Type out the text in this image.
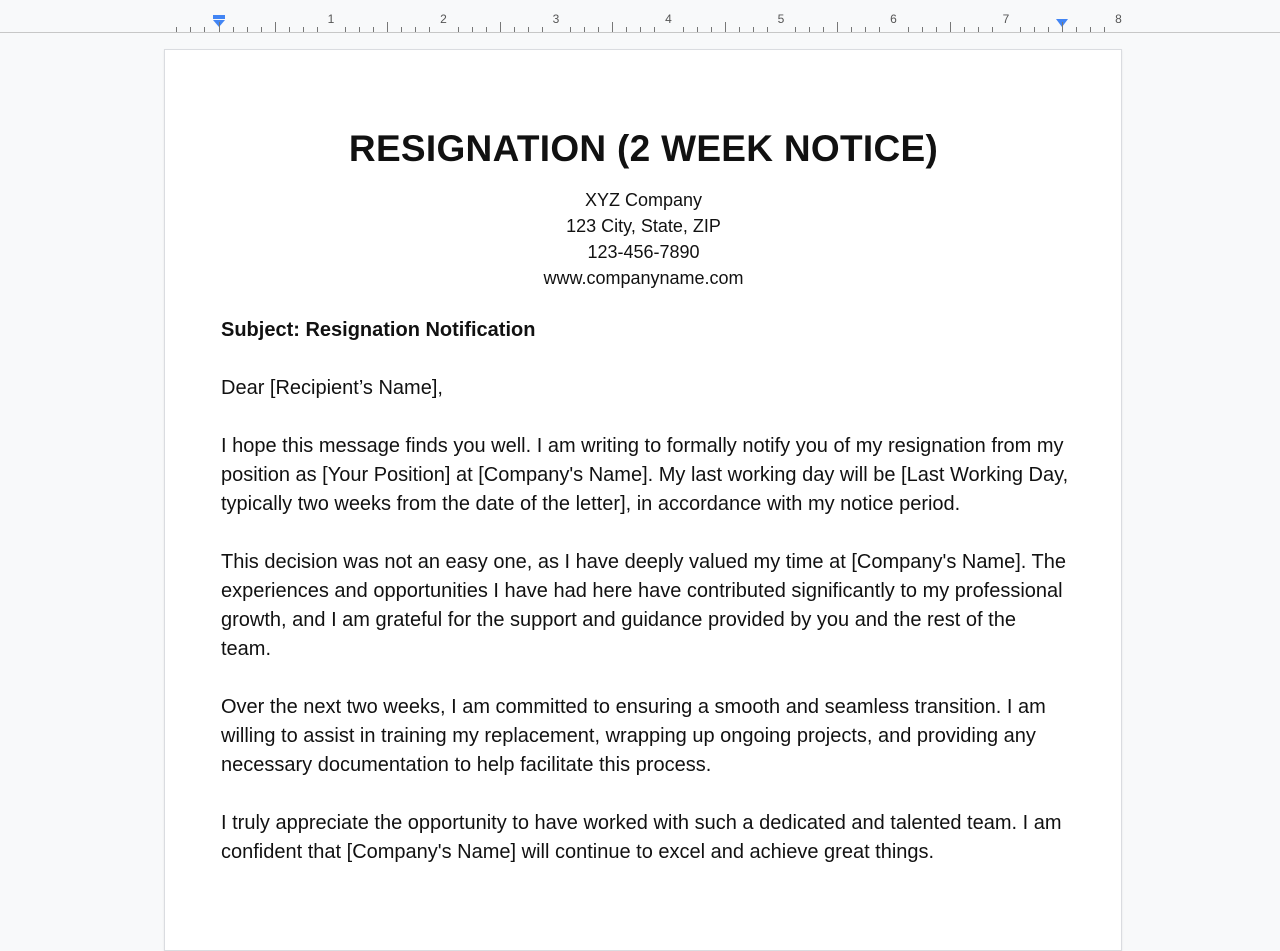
1	2	3	4	5	6	7	8
RESIGNATION (2 WEEK NOTICE)
XYZ Company
123 City, State, ZIP
123-456-7890
www.companyname.com

Subject: Resignation Notification

Dear [Recipient’s Name],

I hope this message finds you well. I am writing to formally notify you of my resignation from my position as [Your Position] at [Company's Name]. My last working day will be [Last Working Day, typically two weeks from the date of the letter], in accordance with my notice period.

This decision was not an easy one, as I have deeply valued my time at [Company's Name]. The experiences and opportunities I have had here have contributed significantly to my professional growth, and I am grateful for the support and guidance provided by you and the rest of the team.

Over the next two weeks, I am committed to ensuring a smooth and seamless transition. I am willing to assist in training my replacement, wrapping up ongoing projects, and providing any necessary documentation to help facilitate this process.

I truly appreciate the opportunity to have worked with such a dedicated and talented team. I am confident that [Company's Name] will continue to excel and achieve great things.
